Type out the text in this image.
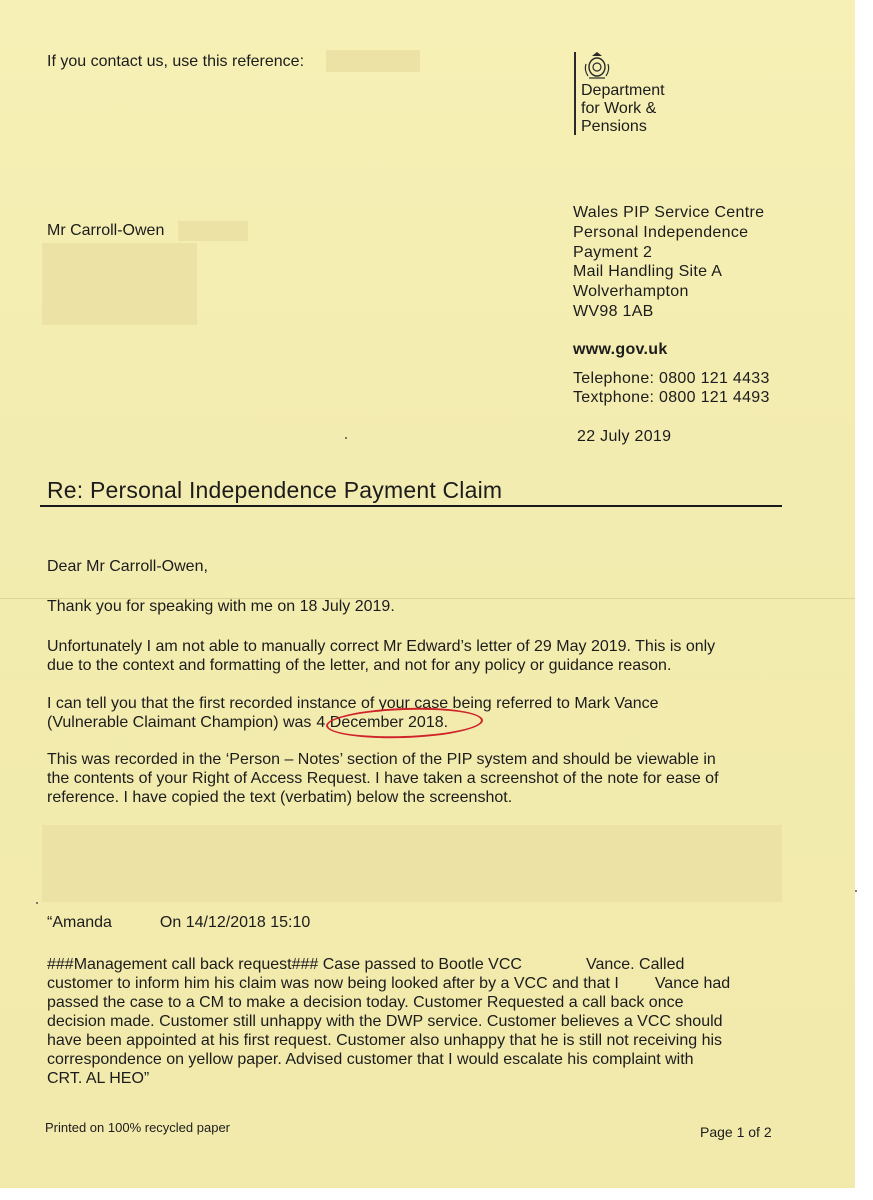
If you contact us, use this reference:
Department
for Work &
Pensions
Mr Carroll-Owen
Wales PIP Service Centre
Personal Independence
Payment 2
Mail Handling Site A
Wolverhampton
WV98 1AB
www.gov.uk
Telephone: 0800 121 4433
Textphone: 0800 121 4493
22 July 2019
Re: Personal Independence Payment Claim
Dear Mr Carroll-Owen,
Thank you for speaking with me on 18 July 2019.
Unfortunately I am not able to manually correct Mr Edward’s letter of 29 May 2019. This is only
due to the context and formatting of the letter, and not for any policy or guidance reason.
I can tell you that the first recorded instance of your case being referred to Mark Vance
(Vulnerable Claimant Champion) was 4 December 2018.
This was recorded in the ‘Person – Notes’ section of the PIP system and should be viewable in
the contents of your Right of Access Request. I have taken a screenshot of the note for ease of
reference. I have copied the text (verbatim) below the screenshot.
“Amanda	On 14/12/2018 15:10
###Management call back request### Case passed to Bootle VCC	Vance. Called
customer to inform him his claim was now being looked after by a VCC and that I Vance had
passed the case to a CM to make a decision today. Customer Requested a call back once
decision made. Customer still unhappy with the DWP service. Customer believes a VCC should
have been appointed at his first request. Customer also unhappy that he is still not receiving his
correspondence on yellow paper. Advised customer that I would escalate his complaint with
CRT. AL HEO”
Printed on 100% recycled paper	Page 1 of 2
